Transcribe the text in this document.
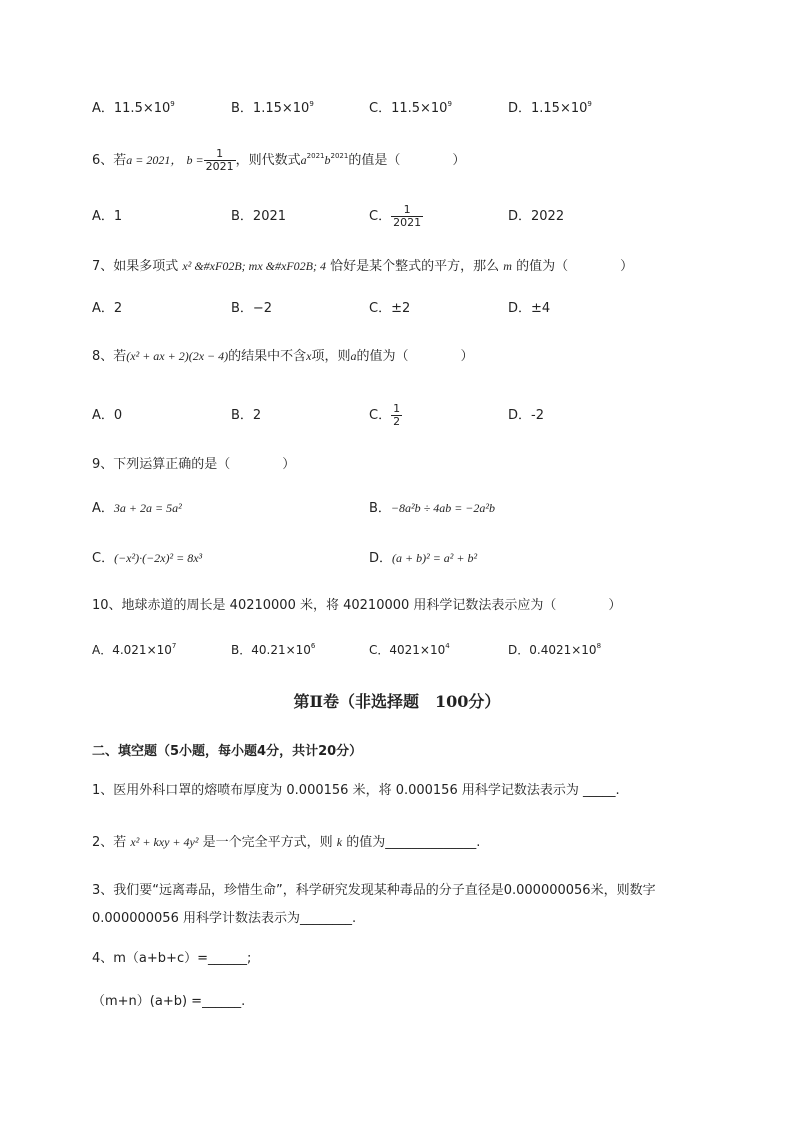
A．$11.5\times 10^9$	B．$1.15\times 10^9$	C．$11.5\times 10^9$	D．$1.15\times 10^9$
6、若a = 2021， $b = \frac{1}{2021}$ ，则代数式$a^{2021}b^{2021}$的值是（　　　　）
A．1	B．2021	C． $\frac{1}{2021}$	D．2022
7、如果多项式 x² &#xF02B; mx &#xF02B; 4 恰好是某个整式的平方，那么 m 的值为（　　　　）
A．2	B．−2	C．±2	D．±4
8、若(x² + ax + 2)(2x − 4)的结果中不含x项，则a的值为（　　　　）
A．0	B．2	C． $\frac{1}{2}$	D．-2
9、下列运算正确的是（　　　　）
A．3a + 2a = 5a²	B．−8a²b ÷ 4ab = −2a²b
C．(−x²)·(−2x)² = 8x³	D．(a + b)² = a² + b²
10、地球赤道的周长是 40210000 米，将 40210000 用科学记数法表示应为（　　　　）
A．$4.021\times 10^7$	B．$40.21\times 10^6$	C．$4021\times 10^4$	D．$0.4021\times 10^8$
第Ⅱ卷（非选择题　100分）
二、填空题（5小题，每小题4分，共计20分）
1、医用外科口罩的熔喷布厚度为 0.000156 米，将 0.000156 用科学记数法表示为 _____.
2、若 x² + kxy + 4y² 是一个完全平方式，则 k 的值为______________.
3、我们要“远离毒品，珍惜生命”，科学研究发现某种毒品的分子直径是0.000000056米，则数字
0.000000056 用科学计数法表示为________.
4、m（a+b+c）=______;
（m+n）(a+b) =______.
